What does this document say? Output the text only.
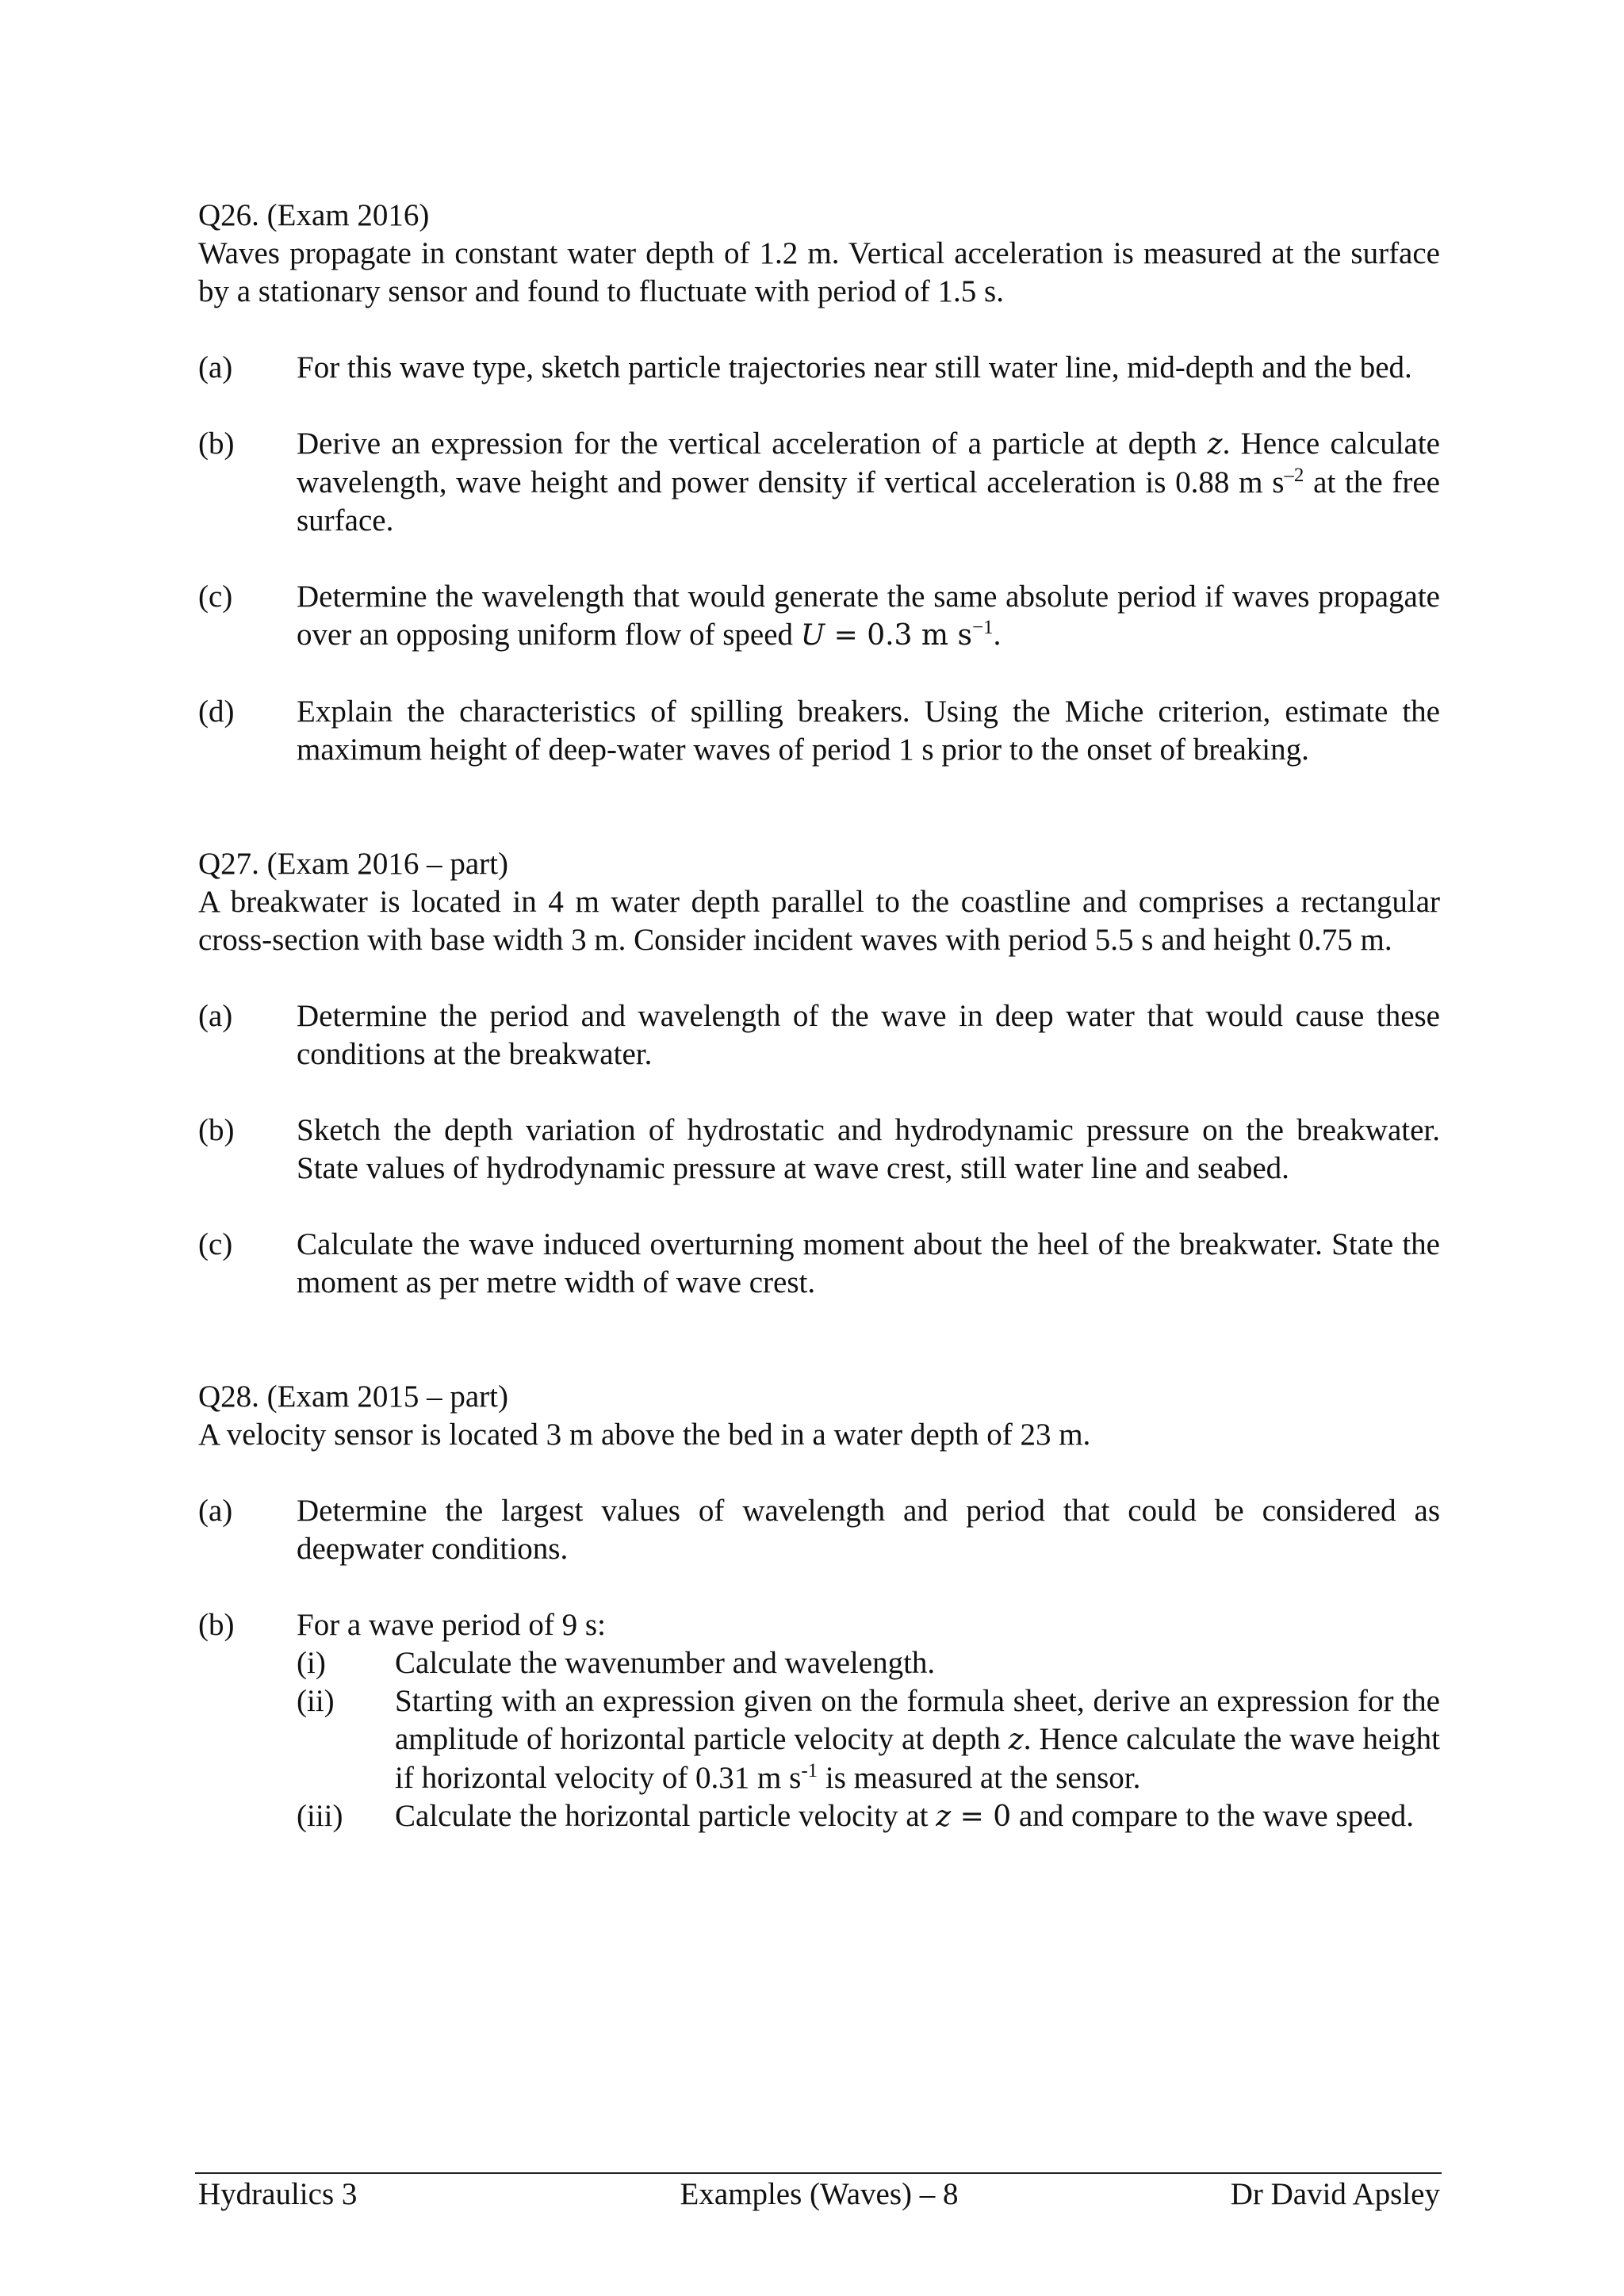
Q26. (Exam 2016)

Waves propagate in constant water depth of 1.2 m. Vertical acceleration is measured at the surface by a stationary sensor and found to fluctuate with period of 1.5 s.

(a) For this wave type, sketch particle trajectories near still water line, mid-depth and the bed.
(b) Derive an expression for the vertical acceleration of a particle at depth z. Hence calculate wavelength, wave height and power density if vertical acceleration is 0.88 m $s^{-2}$ at the free surface.
(c) Determine the wavelength that would generate the same absolute period if waves propagate over an opposing uniform flow of speed U = 0.3 m $s^{-1}$.
(d) Explain the characteristics of spilling breakers. Using the Miche criterion, estimate the maximum height of deep-water waves of period 1 s prior to the onset of breaking.

Q27. (Exam 2016 – part)

A breakwater is located in 4 m water depth parallel to the coastline and comprises a rectangular cross-section with base width 3 m. Consider incident waves with period 5.5 s and height 0.75 m.

(a) Determine the period and wavelength of the wave in deep water that would cause these conditions at the breakwater.
(b) Sketch the depth variation of hydrostatic and hydrodynamic pressure on the breakwater. State values of hydrodynamic pressure at wave crest, still water line and seabed.
(c) Calculate the wave induced overturning moment about the heel of the breakwater. State the moment as per metre width of wave crest.

Q28. (Exam 2015 – part)

A velocity sensor is located 3 m above the bed in a water depth of 23 m.

(a) Determine the largest values of wavelength and period that could be considered as deepwater conditions.
(b) For a wave period of 9 s:
(i) Calculate the wavenumber and wavelength.
(ii) Starting with an expression given on the formula sheet, derive an expression for the amplitude of horizontal particle velocity at depth z. Hence calculate the wave height if horizontal velocity of 0.31 m $s^{-1}$ is measured at the sensor.
(iii) Calculate the horizontal particle velocity at z = 0 and compare to the wave speed.
Hydraulics 3	Examples (Waves) – 8	Dr David Apsley
